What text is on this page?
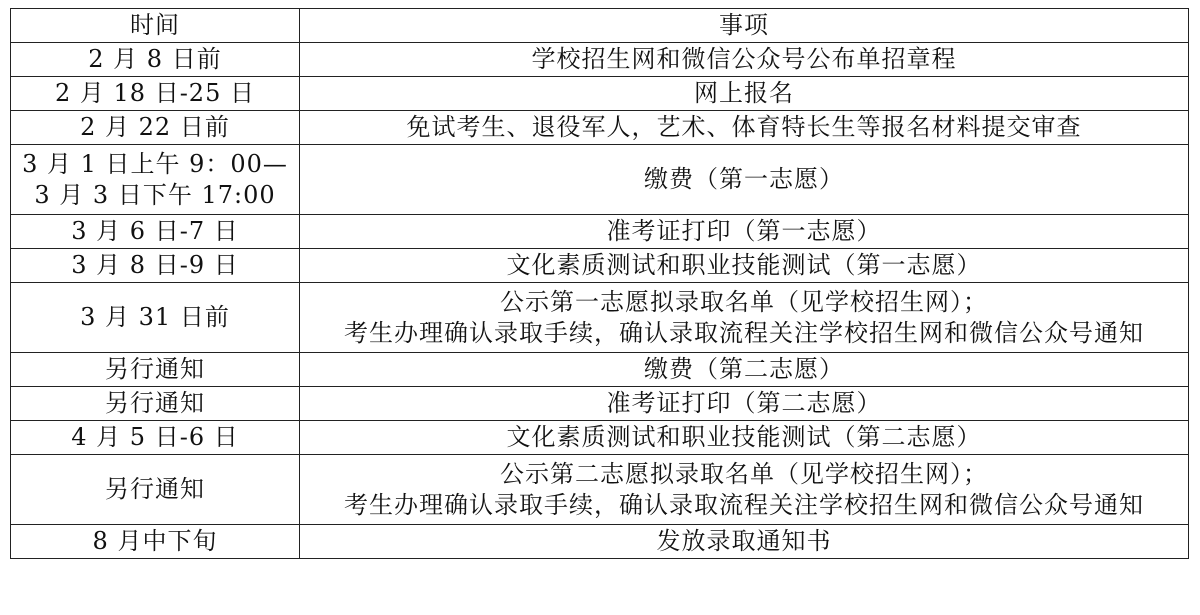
时间	事项

2 月 8 日前	学校招生网和微信公众号公布单招章程

2 月 18 日-25 日	网上报名

2 月 22 日前	免试考生、退役军人，艺术、体育特长生等报名材料提交审查

3 月 1 日上午 9：00—
3 月 3 日下午 17:00	缴费（第一志愿）

3 月 6 日-7 日	准考证打印（第一志愿）

3 月 8 日-9 日	文化素质测试和职业技能测试（第一志愿）

3 月 31 日前	公示第一志愿拟录取名单（见学校招生网）；
考生办理确认录取手续，确认录取流程关注学校招生网和微信公众号通知

另行通知	缴费（第二志愿）

另行通知	准考证打印（第二志愿）

4 月 5 日-6 日	文化素质测试和职业技能测试（第二志愿）

另行通知	公示第二志愿拟录取名单（见学校招生网）；
考生办理确认录取手续，确认录取流程关注学校招生网和微信公众号通知

8 月中下旬	发放录取通知书
